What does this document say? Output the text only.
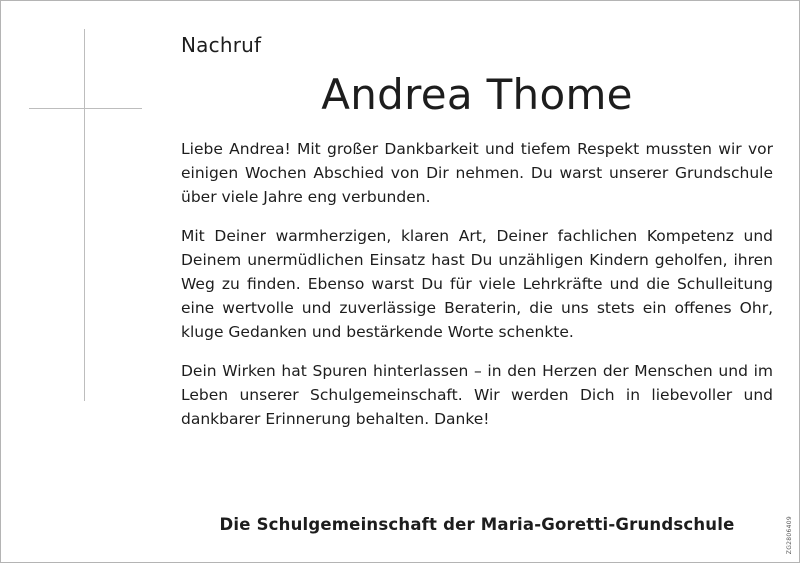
Nachruf
Andrea Thome

Liebe Andrea! Mit großer Dankbarkeit und tiefem Respekt mussten wir vor einigen Wochen Abschied von Dir nehmen. Du warst unserer Grundschule über viele Jahre eng verbunden.

Mit Deiner warmherzigen, klaren Art, Deiner fachlichen Kompetenz und Deinem unermüdlichen Einsatz hast Du unzähligen Kindern geholfen, ihren Weg zu finden. Ebenso warst Du für viele Lehrkräfte und die Schulleitung eine wertvolle und zuverlässige Beraterin, die uns stets ein offenes Ohr, kluge Gedanken und bestärkende Worte schenkte.

Dein Wirken hat Spuren hinterlassen – in den Herzen der Menschen und im Leben unserer Schulgemeinschaft. Wir werden Dich in liebevoller und dankbarer Erinnerung behalten. Danke!

Die Schulgemeinschaft der Maria-Goretti-Grundschule	ZG2806409
